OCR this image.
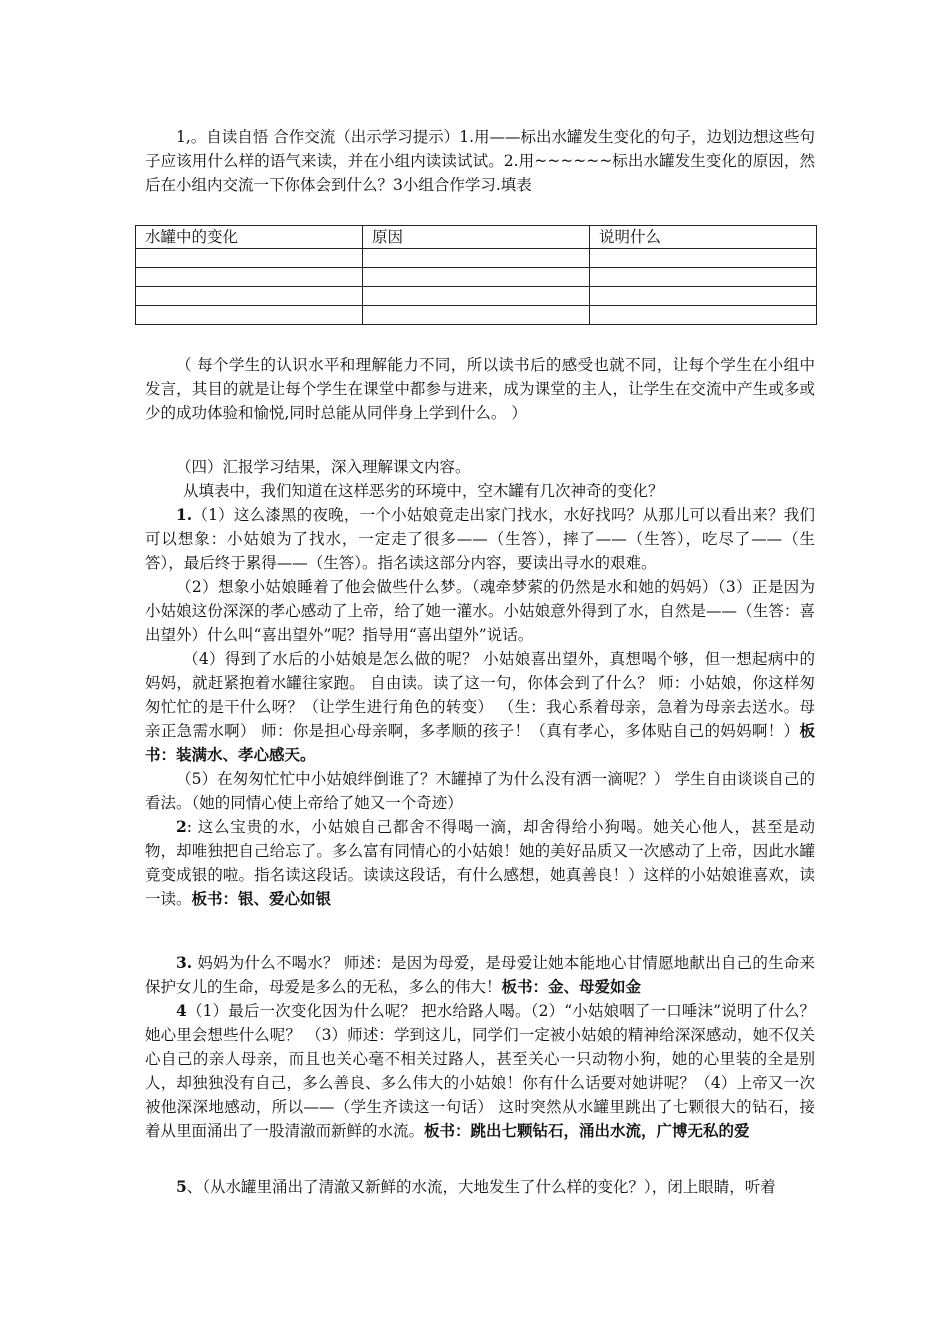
1,。自读自悟 合作交流（出示学习提示）1.用——标出水罐发生变化的句子，边划边想这些句子应该用什么样的语气来读，并在小组内读读试试。2.用~~~~~~标出水罐发生变化的原因，然后在小组内交流一下你体会到什么？3小组合作学习.填表

水罐中的变化	原因	说明什么

（ 每个学生的认识水平和理解能力不同，所以读书后的感受也就不同，让每个学生在小组中发言，其目的就是让每个学生在课堂中都参与进来，成为课堂的主人，让学生在交流中产生或多或少的成功体验和愉悦,同时总能从同伴身上学到什么。 ）

（四）汇报学习结果，深入理解课文内容。

从填表中，我们知道在这样恶劣的环境中，空木罐有几次神奇的变化？

1.（1）这么漆黑的夜晚，一个小姑娘竟走出家门找水，水好找吗？从那儿可以看出来？我们可以想象：小姑娘为了找水，一定走了很多——（生答），摔了——（生答），吃尽了——（生答），最后终于累得——（生答）。指名读这部分内容，要读出寻水的艰难。

（2）想象小姑娘睡着了他会做些什么梦。（魂牵梦萦的仍然是水和她的妈妈）（3）正是因为小姑娘这份深深的孝心感动了上帝，给了她一灌水。小姑娘意外得到了水，自然是——（生答：喜出望外）什么叫“喜出望外”呢？指导用“喜出望外”说话。

（4）得到了水后的小姑娘是怎么做的呢？ 小姑娘喜出望外，真想喝个够，但一想起病中的妈妈，就赶紧抱着水罐往家跑。 自由读。读了这一句，你体会到了什么？ 师：小姑娘，你这样匆匆忙忙的是干什么呀？（让学生进行角色的转变） （生：我心系着母亲，急着为母亲去送水。母亲正急需水啊） 师：你是担心母亲啊，多孝顺的孩子！（真有孝心，多体贴自己的妈妈啊！）板书：装满水、孝心感天。

（5）在匆匆忙忙中小姑娘绊倒谁了？木罐掉了为什么没有洒一滴呢？） 学生自由谈谈自己的看法。（她的同情心使上帝给了她又一个奇迹）

2: 这么宝贵的水，小姑娘自己都舍不得喝一滴，却舍得给小狗喝。她关心他人，甚至是动物，却唯独把自己给忘了。多么富有同情心的小姑娘！她的美好品质又一次感动了上帝，因此水罐竟变成银的啦。指名读这段话。读读这段话，有什么感想，她真善良！）这样的小姑娘谁喜欢，读一读。板书：银、爱心如银

3. 妈妈为什么不喝水？ 师述：是因为母爱，是母爱让她本能地心甘情愿地献出自己的生命来保护女儿的生命，母爱是多么的无私，多么的伟大！板书：金、母爱如金

4（1）最后一次变化因为什么呢？ 把水给路人喝。（2）“小姑娘咽了一口唾沫”说明了什么？她心里会想些什么呢？ （3）师述：学到这儿，同学们一定被小姑娘的精神给深深感动，她不仅关心自己的亲人母亲，而且也关心毫不相关过路人，甚至关心一只动物小狗，她的心里装的全是别人，却独独没有自己，多么善良、多么伟大的小姑娘！你有什么话要对她讲呢？（4）上帝又一次被他深深地感动，所以——（学生齐读这一句话） 这时突然从水罐里跳出了七颗很大的钻石，接着从里面涌出了一股清澈而新鲜的水流。板书：跳出七颗钻石，涌出水流，广博无私的爱

5、（从水罐里涌出了清澈又新鲜的水流，大地发生了什么样的变化？），闭上眼睛，听着
